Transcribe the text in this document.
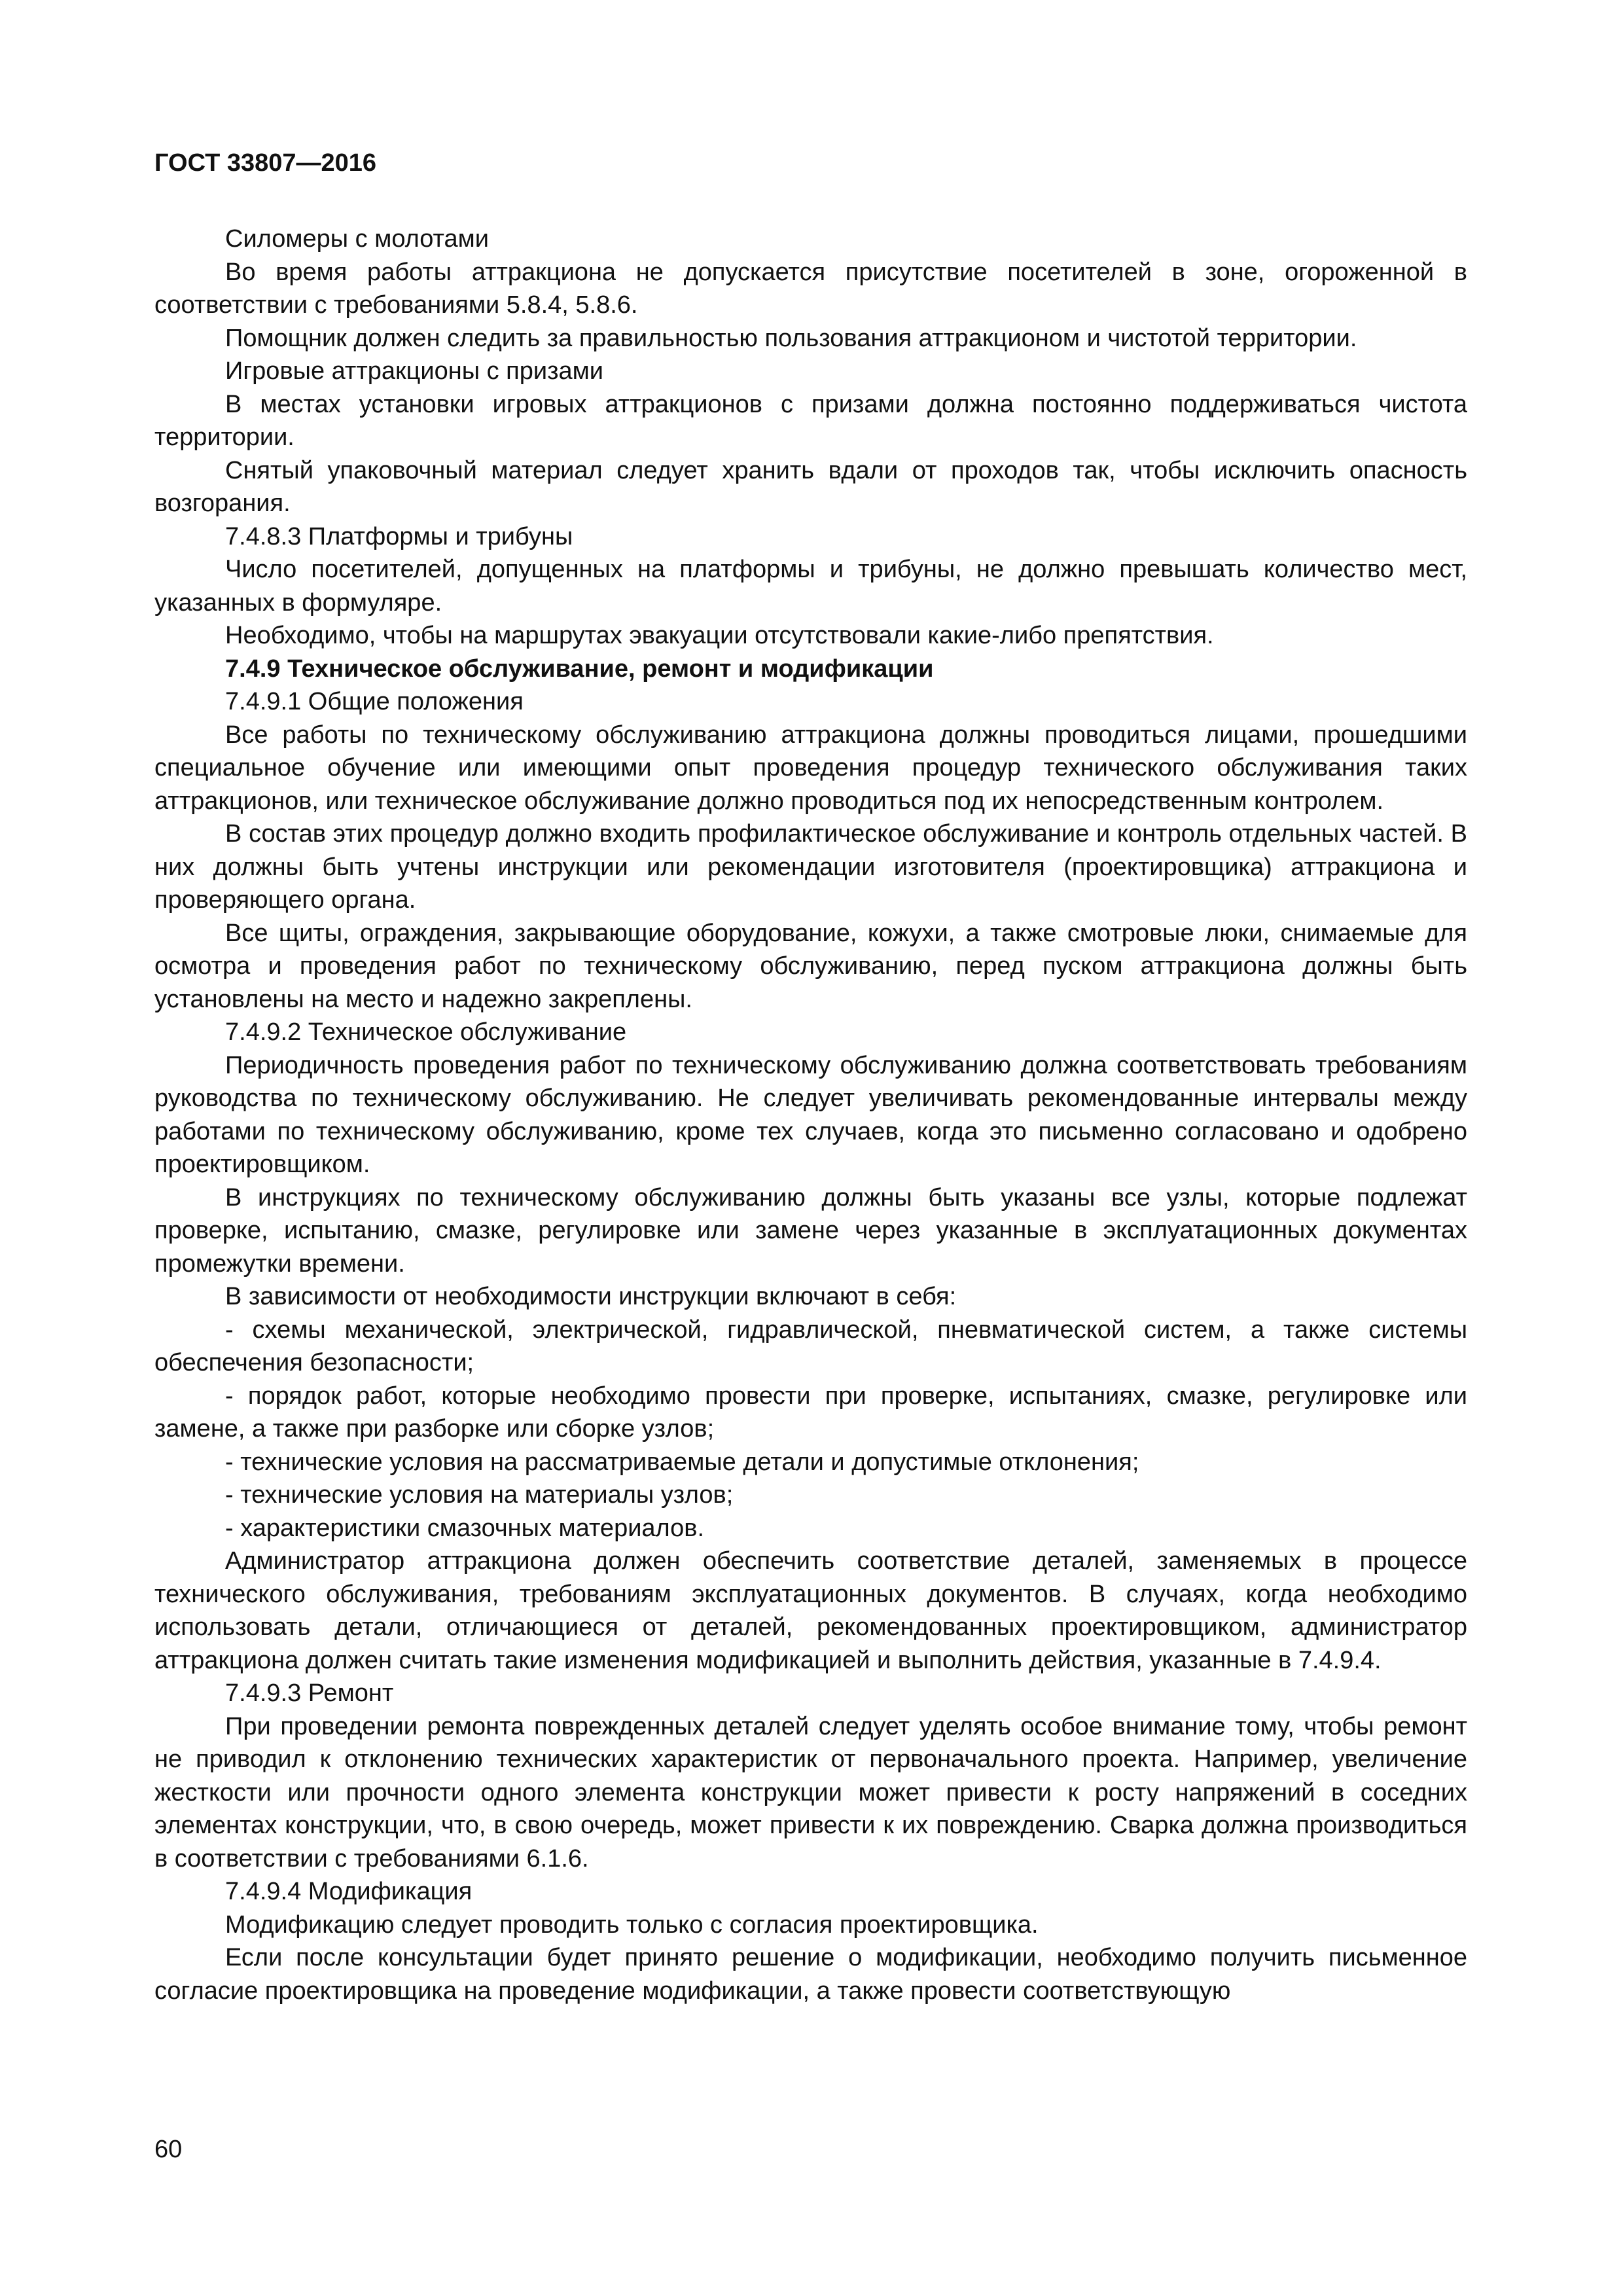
ГОСТ 33807—2016

Силомеры с молотами

Во время работы аттракциона не допускается присутствие посетителей в зоне, огороженной в соответствии с требованиями 5.8.4, 5.8.6.

Помощник должен следить за правильностью пользования аттракционом и чистотой территории.

Игровые аттракционы с призами

В местах установки игровых аттракционов с призами должна постоянно поддерживаться чистота территории.

Снятый упаковочный материал следует хранить вдали от проходов так, чтобы исключить опасность возгорания.

7.4.8.3 Платформы и трибуны

Число посетителей, допущенных на платформы и трибуны, не должно превышать количество мест, указанных в формуляре.

Необходимо, чтобы на маршрутах эвакуации отсутствовали какие-либо препятствия.

7.4.9 Техническое обслуживание, ремонт и модификации

7.4.9.1 Общие положения

Все работы по техническому обслуживанию аттракциона должны проводиться лицами, прошедшими специальное обучение или имеющими опыт проведения процедур технического обслуживания таких аттракционов, или техническое обслуживание должно проводиться под их непосредственным контролем.

В состав этих процедур должно входить профилактическое обслуживание и контроль отдельных частей. В них должны быть учтены инструкции или рекомендации изготовителя (проектировщика) аттракциона и проверяющего органа.

Все щиты, ограждения, закрывающие оборудование, кожухи, а также смотровые люки, снимаемые для осмотра и проведения работ по техническому обслуживанию, перед пуском аттракциона должны быть установлены на место и надежно закреплены.

7.4.9.2 Техническое обслуживание

Периодичность проведения работ по техническому обслуживанию должна соответствовать требованиям руководства по техническому обслуживанию. Не следует увеличивать рекомендованные интервалы между работами по техническому обслуживанию, кроме тех случаев, когда это письменно согласовано и одобрено проектировщиком.

В инструкциях по техническому обслуживанию должны быть указаны все узлы, которые подлежат проверке, испытанию, смазке, регулировке или замене через указанные в эксплуатационных документах промежутки времени.

В зависимости от необходимости инструкции включают в себя:

- схемы механической, электрической, гидравлической, пневматической систем, а также системы обеспечения безопасности;

- порядок работ, которые необходимо провести при проверке, испытаниях, смазке, регулировке или замене, а также при разборке или сборке узлов;

- технические условия на рассматриваемые детали и допустимые отклонения;

- технические условия на материалы узлов;

- характеристики смазочных материалов.

Администратор аттракциона должен обеспечить соответствие деталей, заменяемых в процессе технического обслуживания, требованиям эксплуатационных документов. В случаях, когда необходимо использовать детали, отличающиеся от деталей, рекомендованных проектировщиком, администратор аттракциона должен считать такие изменения модификацией и выполнить действия, указанные в 7.4.9.4.

7.4.9.3 Ремонт

При проведении ремонта поврежденных деталей следует уделять особое внимание тому, чтобы ремонт не приводил к отклонению технических характеристик от первоначального проекта. Например, увеличение жесткости или прочности одного элемента конструкции может привести к росту напряжений в соседних элементах конструкции, что, в свою очередь, может привести к их повреждению. Сварка должна производиться в соответствии с требованиями 6.1.6.

7.4.9.4 Модификация

Модификацию следует проводить только с согласия проектировщика.

Если после консультации будет принято решение о модификации, необходимо получить письменное согласие проектировщика на проведение модификации, а также провести соответствующую

60
